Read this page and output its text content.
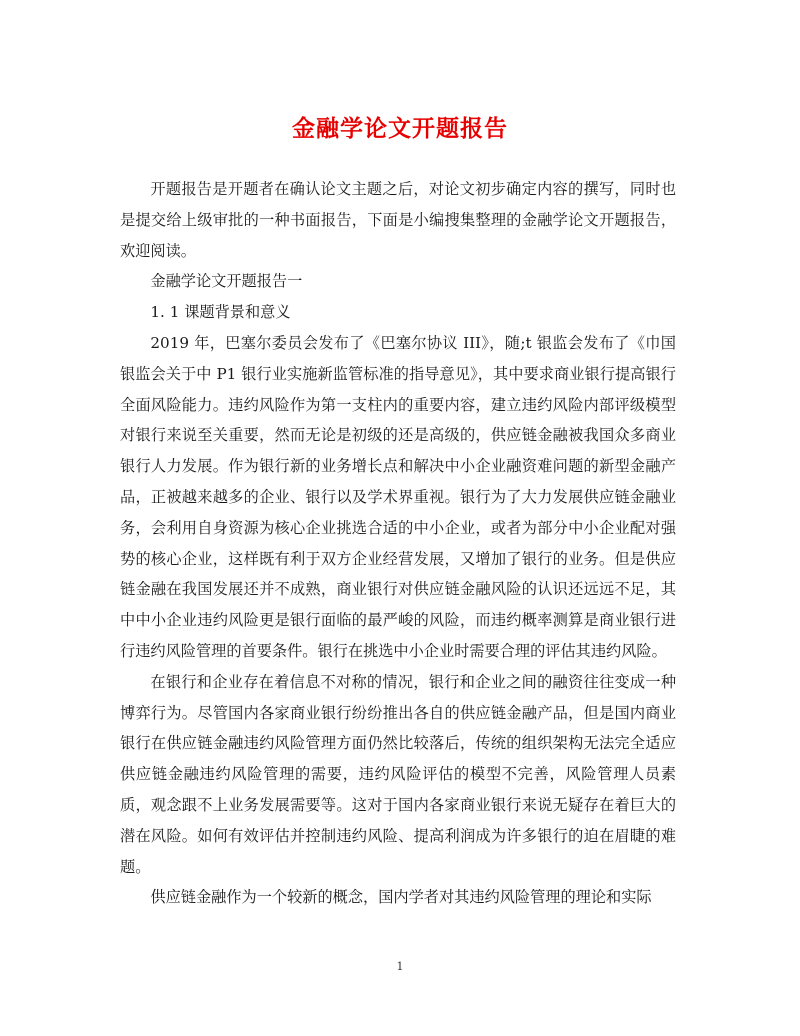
金融学论文开题报告

开题报告是开题者在确认论文主题之后，对论文初步确定内容的撰写，同时也是提交给上级审批的一种书面报告，下面是小编搜集整理的金融学论文开题报告，欢迎阅读。

金融学论文开题报告一

1. 1 课题背景和意义

2019 年，巴塞尔委员会发布了《巴塞尔协议 III》，随;t 银监会发布了《巾国银监会关于中 P1 银行业实施新监管标准的指导意见》，其中要求商业银行提高银行全面风险能力。违约风险作为第一支柱内的重要内容，建立违约风险内部评级模型对银行来说至关重要，然而无论是初级的还是高级的，供应链金融被我国众多商业银行人力发展。作为银行新的业务增长点和解决中小企业融资难问题的新型金融产品，正被越来越多的企业、银行以及学术界重视。银行为了大力发展供应链金融业务，会利用自身资源为核心企业挑选合适的中小企业，或者为部分中小企业配对强势的核心企业，这样既有利于双方企业经营发展，又增加了银行的业务。但是供应链金融在我国发展还并不成熟，商业银行对供应链金融风险的认识还远远不足，其中中小企业违约风险更是银行面临的最严峻的风险，而违约概率测算是商业银行进行违约风险管理的首要条件。银行在挑选中小企业时需要合理的评估其违约风险。

在银行和企业存在着信息不对称的情况，银行和企业之间的融资往往变成一种博弈行为。尽管国内各家商业银行纷纷推出各自的供应链金融产品，但是国内商业银行在供应链金融违约风险管理方面仍然比较落后，传统的组织架构无法完全适应供应链金融违约风险管理的需要，违约风险评估的模型不完善，风险管理人员素质，观念跟不上业务发展需要等。这对于国内各家商业银行来说无疑存在着巨大的潜在风险。如何有效评估并控制违约风险、提高利润成为许多银行的迫在眉睫的难题。

供应链金融作为一个较新的概念，国内学者对其违约风险管理的理论和实际

1
